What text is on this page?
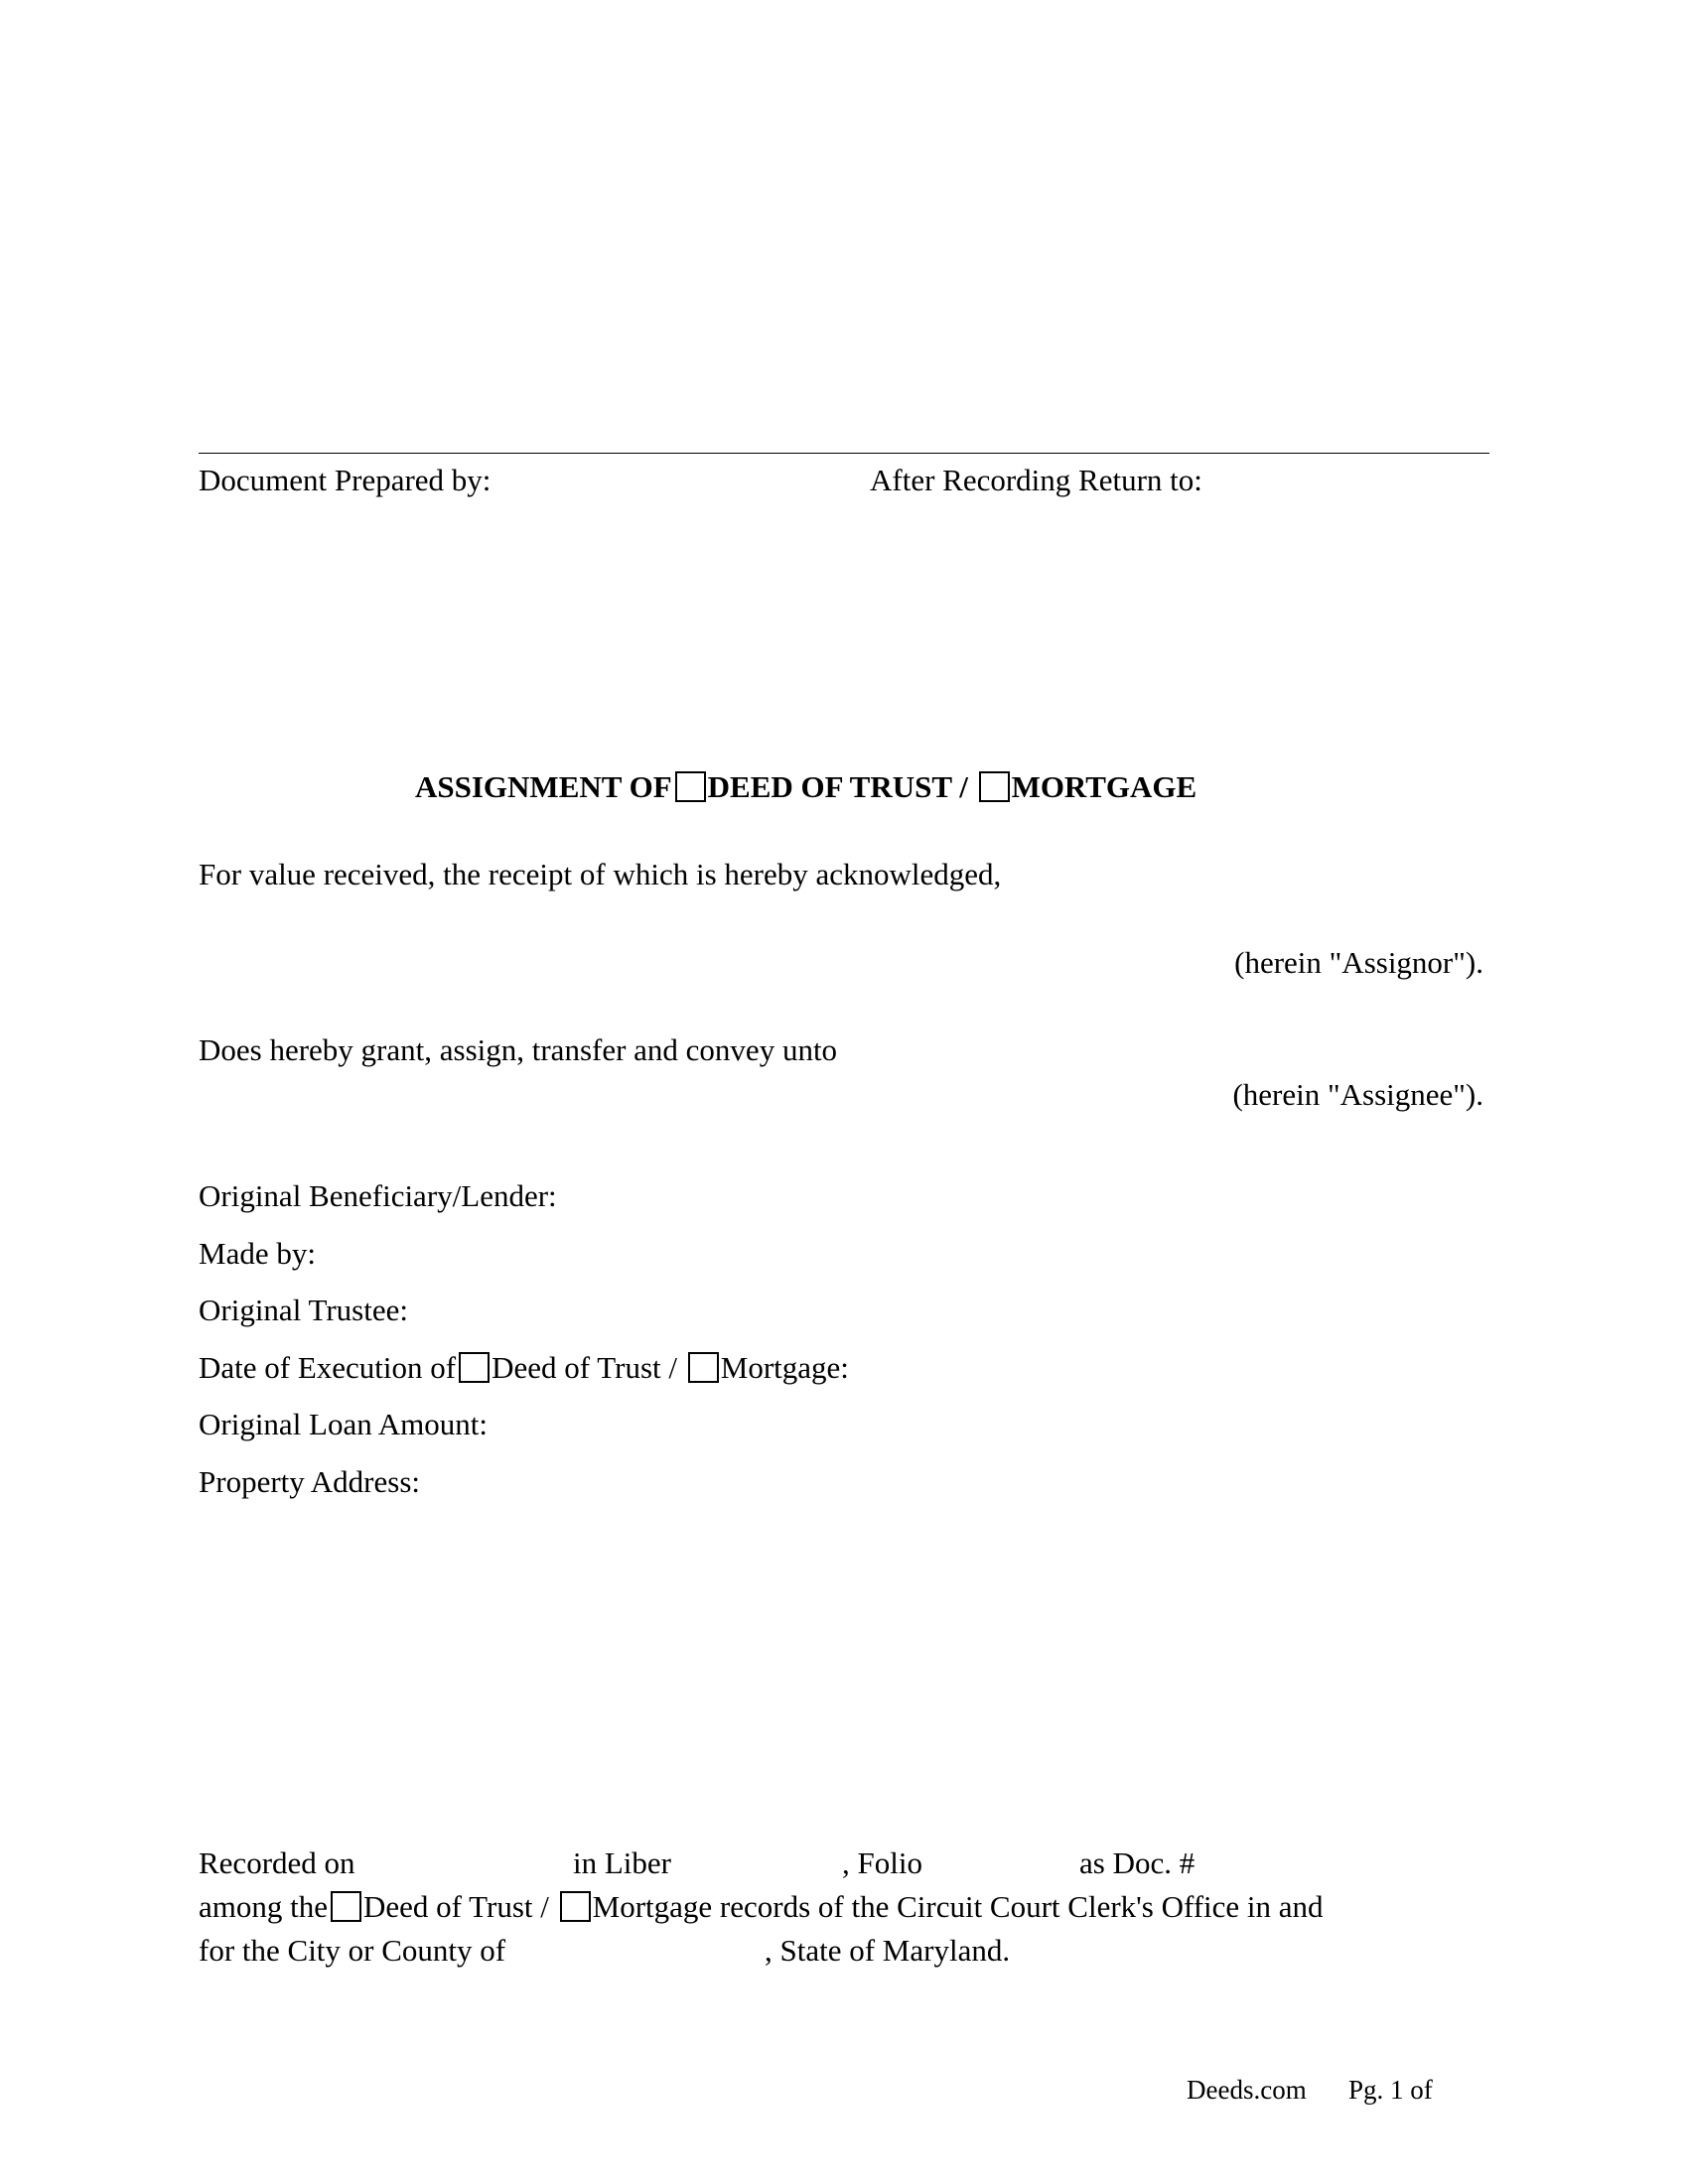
Document Prepared by:	After Recording Return to:
ASSIGNMENT OF DEED OF TRUST / MORTGAGE
For value received, the receipt of which is hereby acknowledged,
(herein "Assignor").
Does hereby grant, assign, transfer and convey unto
(herein "Assignee").
Original Beneficiary/Lender:
Made by:
Original Trustee:
Date of Execution of Deed of Trust / Mortgage:
Original Loan Amount:
Property Address:
Recorded on	in Liber	, Folio	as Doc. #
among the Deed of Trust / Mortgage records of the Circuit Court Clerk's Office in and
for the City or County of	, State of Maryland.
Deeds.com Pg. 1 of
